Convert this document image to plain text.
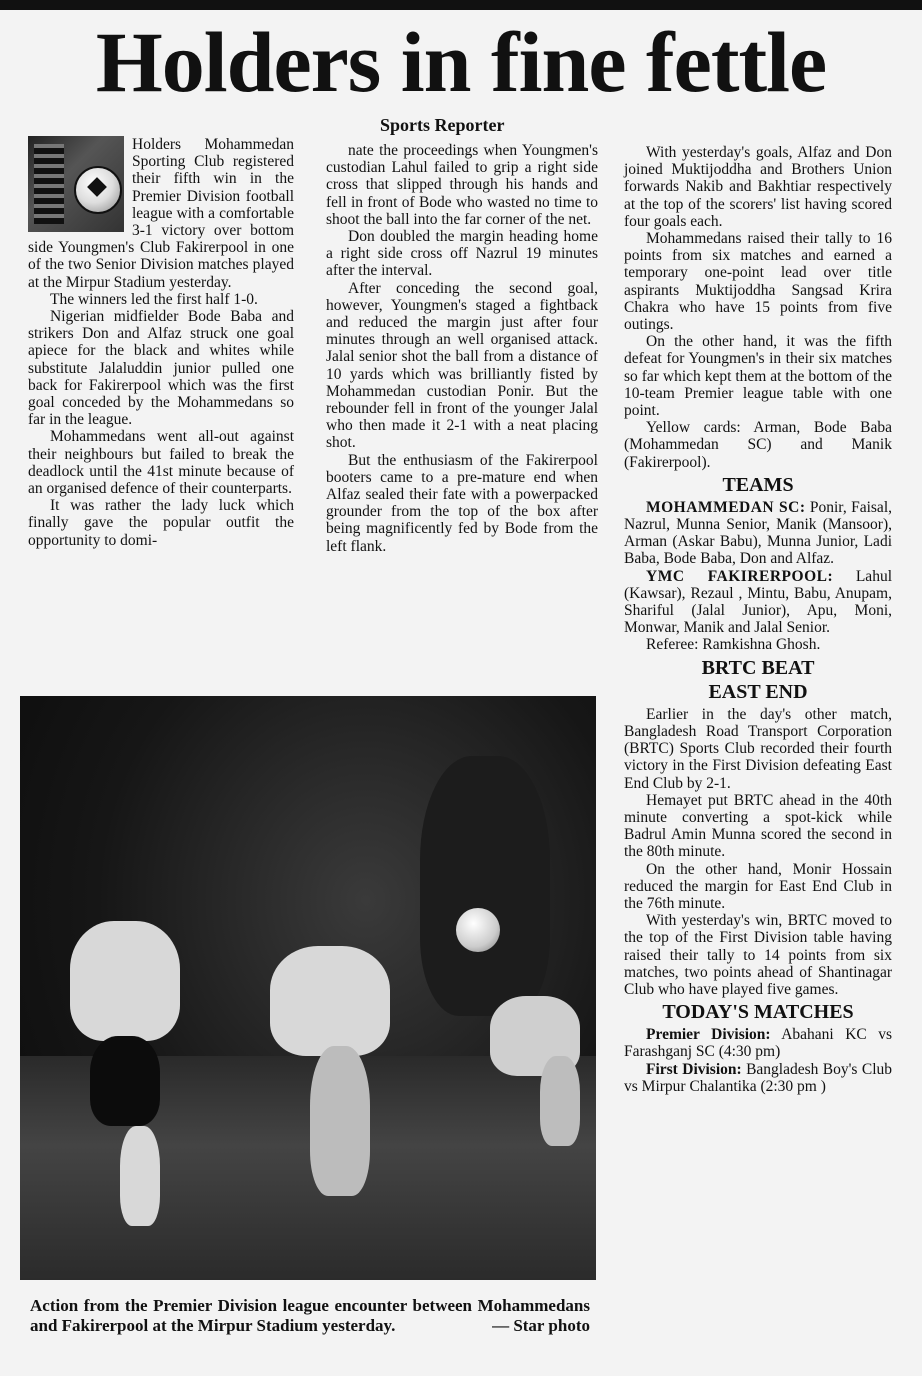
Holders in fine fettle
Sports Reporter

Holders Mohammedan Sporting Club registered their fifth win in the Premier Division football league with a comfortable 3-1 victory over bottom side Youngmen's Club Fakirerpool in one of the two Senior Division matches played at the Mirpur Stadium yesterday.

The winners led the first half 1-0.

Nigerian midfielder Bode Baba and strikers Don and Alfaz struck one goal apiece for the black and whites while substitute Jalaluddin junior pulled one back for Fakirerpool which was the first goal conceded by the Mohammedans so far in the league.

Mohammedans went all-out against their neighbours but failed to break the deadlock until the 41st minute because of an organised defence of their counterparts.

It was rather the lady luck which finally gave the popular outfit the opportunity to domi-

nate the proceedings when Youngmen's custodian Lahul failed to grip a right side cross that slipped through his hands and fell in front of Bode who wasted no time to shoot the ball into the far corner of the net.

Don doubled the margin heading home a right side cross off Nazrul 19 minutes after the interval.

After conceding the second goal, however, Youngmen's staged a fightback and reduced the margin just after four minutes through an well organised attack. Jalal senior shot the ball from a distance of 10 yards which was brilliantly fisted by Mohammedan custodian Ponir. But the rebounder fell in front of the younger Jalal who then made it 2-1 with a neat placing shot.

But the enthusiasm of the Fakirerpool booters came to a pre-mature end when Alfaz sealed their fate with a powerpacked grounder from the top of the box after being magnificently fed by Bode from the left flank.

With yesterday's goals, Alfaz and Don joined Muktijoddha and Brothers Union forwards Nakib and Bakhtiar respectively at the top of the scorers' list having scored four goals each.

Mohammedans raised their tally to 16 points from six matches and earned a temporary one-point lead over title aspirants Muktijoddha Sangsad Krira Chakra who have 15 points from five outings.

On the other hand, it was the fifth defeat for Youngmen's in their six matches so far which kept them at the bottom of the 10-team Premier league table with one point.

Yellow cards: Arman, Bode Baba (Mohammedan SC) and Manik (Fakirerpool).

TEAMS

MOHAMMEDAN SC: Ponir, Faisal, Nazrul, Munna Senior, Manik (Mansoor), Arman (Askar Babu), Munna Junior, Ladi Baba, Bode Baba, Don and Alfaz.

YMC FAKIRERPOOL: Lahul (Kawsar), Rezaul , Mintu, Babu, Anupam, Shariful (Jalal Junior), Apu, Moni, Monwar, Manik and Jalal Senior.

Referee: Ramkishna Ghosh.

BRTC BEAT
EAST END

Earlier in the day's other match, Bangladesh Road Transport Corporation (BRTC) Sports Club recorded their fourth victory in the First Division defeating East End Club by 2-1.

Hemayet put BRTC ahead in the 40th minute converting a spot-kick while Badrul Amin Munna scored the second in the 80th minute.

On the other hand, Monir Hossain reduced the margin for East End Club in the 76th minute.

With yesterday's win, BRTC moved to the top of the First Division table having raised their tally to 14 points from six matches, two points ahead of Shantinagar Club who have played five games.

TODAY'S MATCHES

Premier Division: Abahani KC vs Farashganj SC (4:30 pm)

First Division: Bangladesh Boy's Club vs Mirpur Chalantika (2:30 pm )

Action from the Premier Division league encounter between Mohammedans and Fakirerpool at the Mirpur Stadium yesterday.	— Star photo
